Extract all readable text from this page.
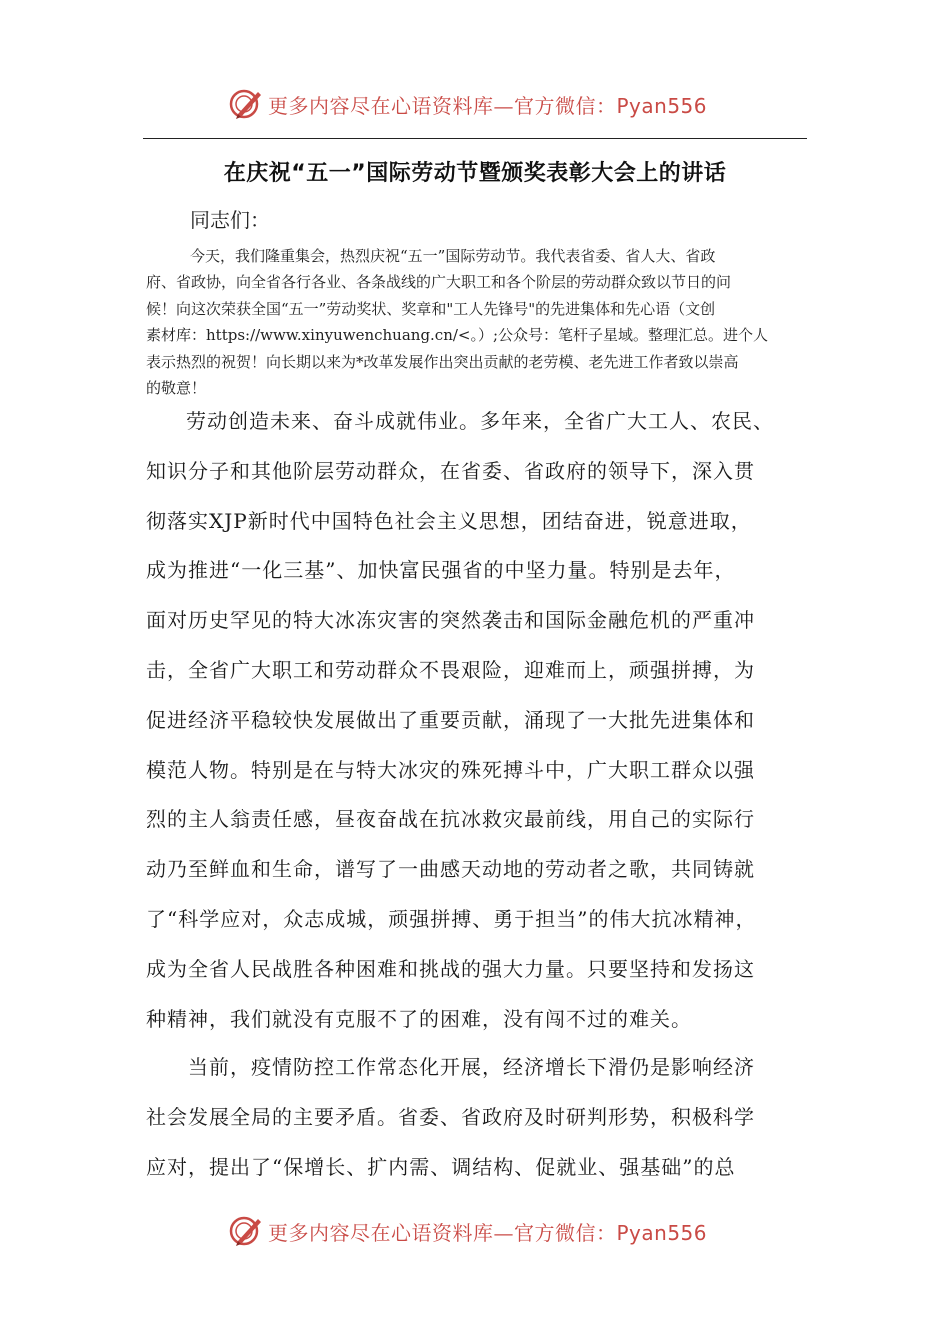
更多内容尽在心语资料库—官方微信：Pyan556
在庆祝“五一”国际劳动节暨颁奖表彰大会上的讲话
同志们：
今天，我们隆重集会，热烈庆祝“五一”国际劳动节。我代表省委、省人大、省政
府、省政协，向全省各行各业、各条战线的广大职工和各个阶层的劳动群众致以节日的问
候！向这次荣获全国“五一”劳动奖状、奖章和"工人先锋号"的先进集体和先心语（文创
素材库：https://www.xinyuwenchuang.cn/<。）;公众号：笔杆子星域。整理汇总。进个人
表示热烈的祝贺！向长期以来为*改革发展作出突出贡献的老劳模、老先进工作者致以崇高
的敬意！
　　劳动创造未来、奋斗成就伟业。多年来，全省广大工人、农民、
知识分子和其他阶层劳动群众，在省委、省政府的领导下，深入贯
彻落实XJP新时代中国特色社会主义思想，团结奋进，锐意进取，
成为推进“一化三基”、加快富民强省的中坚力量。特别是去年，
面对历史罕见的特大冰冻灾害的突然袭击和国际金融危机的严重冲
击，全省广大职工和劳动群众不畏艰险，迎难而上，顽强拼搏，为
促进经济平稳较快发展做出了重要贡献，涌现了一大批先进集体和
模范人物。特别是在与特大冰灾的殊死搏斗中，广大职工群众以强
烈的主人翁责任感，昼夜奋战在抗冰救灾最前线，用自己的实际行
动乃至鲜血和生命，谱写了一曲感天动地的劳动者之歌，共同铸就
了“科学应对，众志成城，顽强拼搏、勇于担当”的伟大抗冰精神，
成为全省人民战胜各种困难和挑战的强大力量。只要坚持和发扬这
种精神，我们就没有克服不了的困难，没有闯不过的难关。
　　当前，疫情防控工作常态化开展，经济增长下滑仍是影响经济
社会发展全局的主要矛盾。省委、省政府及时研判形势，积极科学
应对，提出了“保增长、扩内需、调结构、促就业、强基础”的总
更多内容尽在心语资料库—官方微信：Pyan556
